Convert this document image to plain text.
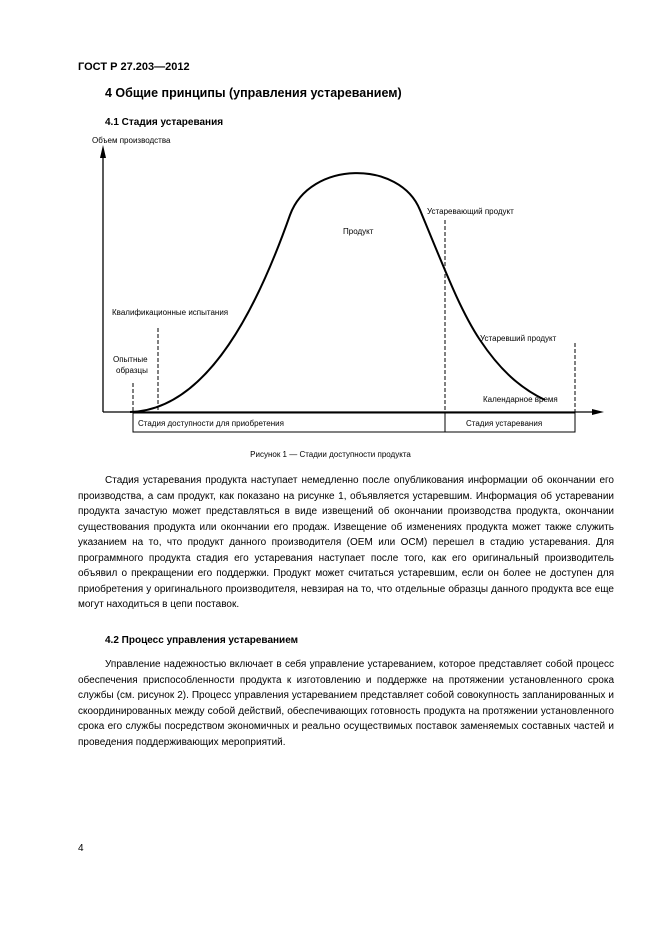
ГОСТ Р 27.203—2012
4 Общие принципы (управления устареванием)
4.1 Стадия устаревания
Объем производства
Продукт
Устаревающий продукт
Устаревший продукт
Квалификационные испытания
Опытные
образцы
Календарное время
Стадия доступности для приобретения	Стадия устаревания
Рисунок 1 — Стадии доступности продукта

Стадия устаревания продукта наступает немедленно после опубликования информации об окончании его производства, а сам продукт, как показано на рисунке 1, объявляется устаревшим. Информация об устаревании продукта зачастую может представляться в виде извещений об окончании производства продукта, окончании существования продукта или окончании его продаж. Извещение об изменениях продукта может также служить указанием на то, что продукт данного производителя (OEM или OCM) перешел в стадию устаревания. Для программного продукта стадия его устаревания наступает после того, как его оригинальный производитель объявил о прекращении его поддержки. Продукт может считаться устаревшим, если он более не доступен для приобретения у оригинального производителя, невзирая на то, что отдельные образцы данного продукта все еще могут находиться в цепи поставок.

4.2 Процесс управления устареванием

Управление надежностью включает в себя управление устареванием, которое представляет собой процесс обеспечения приспособленности продукта к изготовлению и поддержке на протяжении установленного срока службы (см. рисунок 2). Процесс управления устареванием представляет собой совокупность запланированных и скоординированных между собой действий, обеспечивающих готовность продукта на протяжении установленного срока его службы посредством экономичных и реально осуществимых поставок заменяемых составных частей и проведения поддерживающих мероприятий.

4
